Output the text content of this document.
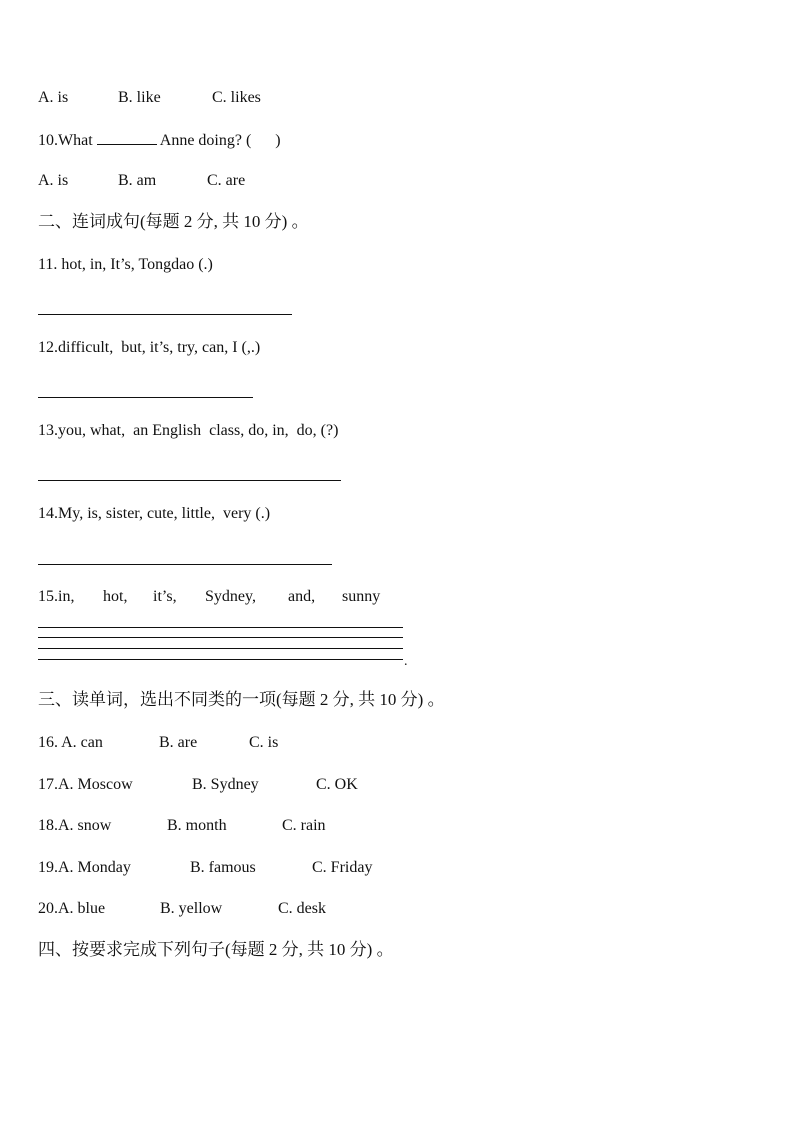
A. is	B. like	C. likes
10.What	Anne doing? (      )
A. is	B. am	C. are
二、连词成句(每题 2 分, 共 10 分) 。
11. hot, in, It’s, Tongdao (.)
12.difficult,  but, it’s, try, can, I (,.)
13.you, what,  an English  class, do, in,  do, (?)
14.My, is, sister, cute, little,  very (.)
15.in, hot, it’s, Sydney, and, sunny
.
三、读单词，选出不同类的一项(每题 2 分, 共 10 分) 。
16. A. can	B. are	C. is
17.A. Moscow	B. Sydney	C. OK
18.A. snow	B. month	C. rain
19.A. Monday	B. famous	C. Friday
20.A. blue	B. yellow	C. desk
四、按要求完成下列句子(每题 2 分, 共 10 分) 。
